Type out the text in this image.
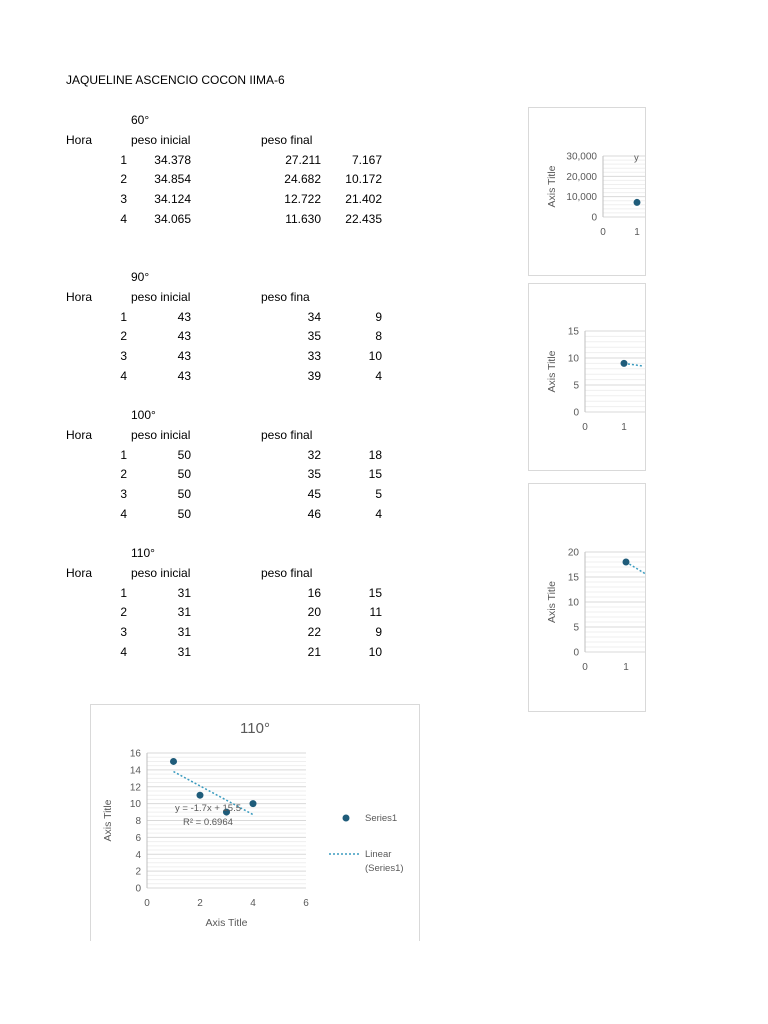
JAQUELINE ASCENCIO COCON IIMA-6
60°
Hora	peso inicial	peso final
1	34.378	27.211	7.167
2	34.854	24.682	10.172
3	34.124	12.722	21.402
4	34.065	11.630	22.435
90°
Hora	peso inicial	peso fina
1	43	34	9
2	43	35	8
3	43	33	10
4	43	39	4
100°
Hora	peso inicial	peso final
1	50	32	18
2	50	35	15
3	50	45	5
4	50	46	4
110°
Hora	peso inicial	peso final
1	31	16	15
2	31	20	11
3	31	22	9
4	31	21	10
0
10,000
20,000
30,000
0	1
Axis Title
y
0
5
10
15
0	1
Axis Title
0
5
10
15
20
0	1
Axis Title
0
2
4
6
8
10
12
14
16
0	2	4	6
Axis Title
110°
Axis Title
y = -1.7x + 15.5
R² = 0.6964	Series1
Linear
(Series1)
